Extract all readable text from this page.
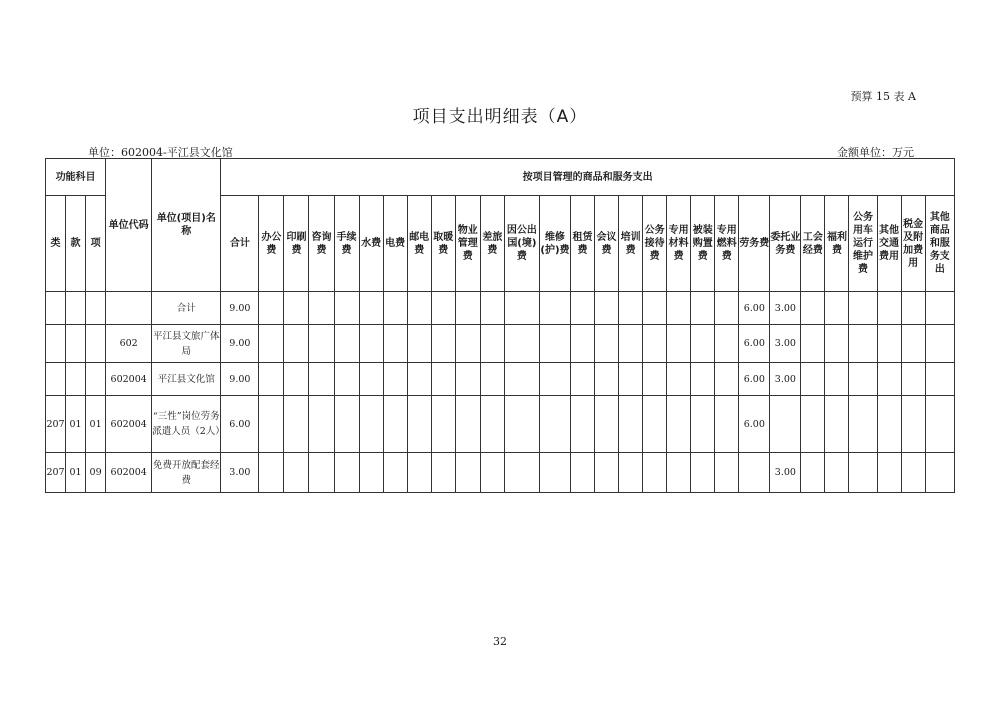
预算 15 表 A
项目支出明细表（A）
单位：602004-平江县文化馆	金额单位：万元
功能科目			单位代码	单位(项目)名称	按项目管理的商品和服务支出																											
类	款	项			合计	办公费	印刷费	咨询费	手续费	水费	电费	邮电费	取暖费	物业管理费	差旅费	因公出国(境)费	维修(护)费	租赁费	会议费	培训费	公务接待费	专用材料费	被装购置费	专用燃料费	劳务费	委托业务费	工会经费	福利费	公务用车运行维护费	其他交通费用	税金及附加费用	其他商品和服务支出
				合计	9.00																				6.00	3.00						
			602	平江县文旅广体局	9.00																				6.00	3.00						
			602004	平江县文化馆	9.00																				6.00	3.00						
207	01	01	602004	“三性”岗位劳务派遣人员（2人）	6.00																				6.00							
207	01	09	602004	免费开放配套经费	3.00																					3.00						
32
